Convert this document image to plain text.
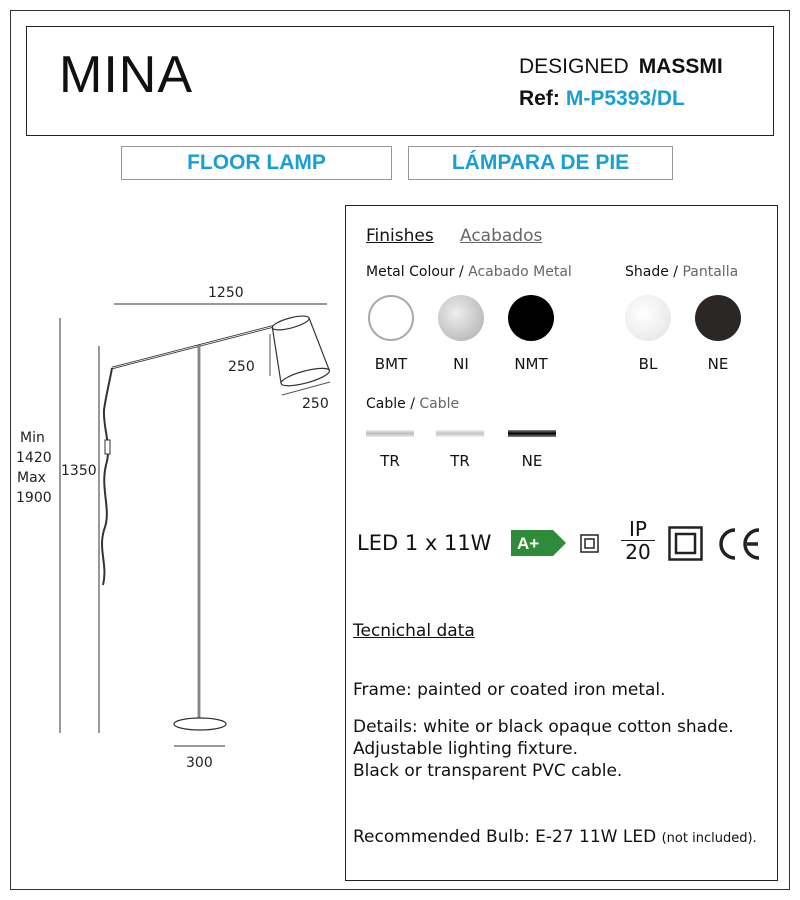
MINA	DESIGNED MASSMI
Ref: M-P5393/DL
FLOOR LAMP	LÁMPARA DE PIE
1250
250
250
Min
1420
Max
1900
1350
300
Finishes Acabados
Metal Colour / Acabado Metal	Shade / Pantalla
BMT	NI	NMT	BL	NE
Cable / Cable
TR	TR	NE
LED 1 x 11W A+
IP
20
Tecnichal data
Frame: painted or coated iron metal.
Details: white or black opaque cotton shade.
Adjustable lighting fixture.
Black or transparent PVC cable.
Recommended Bulb: E-27 11W LED (not included).
